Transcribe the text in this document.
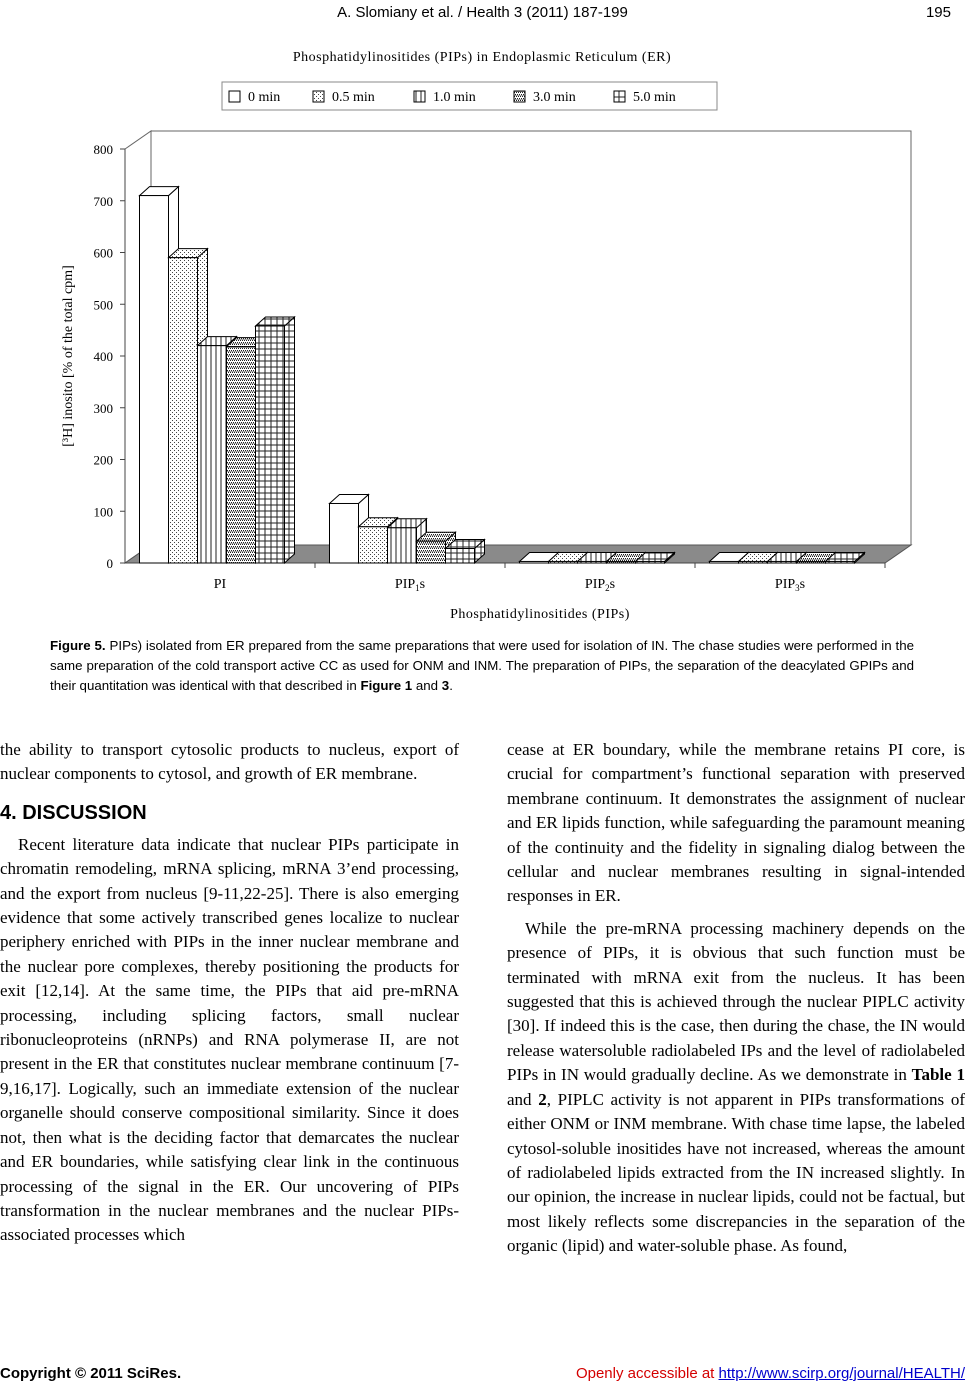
A. Slomiany et al. / Health 3 (2011) 187-199	195
Phosphatidylinositides (PIPs) in Endoplasmic Reticulum (ER)
0 min	0.5 min	1.0 min	3.0 min	5.0 min
0
100
200
300
400
500
600
700
800
[³H] inosito [% of the total cpm]
PI	$PIP_1s$	$PIP_2s$	$PIP_3s$
Phosphatidylinositides (PIPs)
Figure 5. PIPs) isolated from ER prepared from the same preparations that were used for isolation of IN. The chase studies were performed in the same preparation of the cold transport active CC as used for ONM and INM. The preparation of PIPs, the separation of the deacylated GPIPs and their quantitation was identical with that described in Figure 1 and 3.

the ability to transport cytosolic products to nucleus, export of nuclear components to cytosol, and growth of ER membrane.

4. DISCUSSION

Recent literature data indicate that nuclear PIPs participate in chromatin remodeling, mRNA splicing, mRNA 3’end processing, and the export from nucleus [9-11,22-25]. There is also emerging evidence that some actively transcribed genes localize to nuclear periphery enriched with PIPs in the inner nuclear membrane and the nuclear pore complexes, thereby positioning the products for exit [12,14]. At the same time, the PIPs that aid pre-mRNA processing, including splicing factors, small nuclear ribonucleoproteins (nRNPs) and RNA polymerase II, are not present in the ER that constitutes nuclear membrane continuum [7-9,16,17]. Logically, such an immediate extension of the nuclear organelle should conserve compositional similarity. Since it does not, then what is the deciding factor that demarcates the nuclear and ER boundaries, while satisfying clear link in the continuous processing of the signal in the ER. Our uncovering of PIPs transformation in the nuclear membranes and the nuclear PIPs-associated processes which

cease at ER boundary, while the membrane retains PI core, is crucial for compartment’s functional separation with preserved membrane continuum. It demonstrates the assignment of nuclear and ER lipids function, while safeguarding the paramount meaning of the continuity and the fidelity in signaling dialog between the cellular and nuclear membranes resulting in signal-intended responses in ER.

While the pre-mRNA processing machinery depends on the presence of PIPs, it is obvious that such function must be terminated with mRNA exit from the nucleus. It has been suggested that this is achieved through the nuclear PIPLC activity [30]. If indeed this is the case, then during the chase, the IN would release watersoluble radiolabeled IPs and the level of radiolabeled PIPs in IN would gradually decline. As we demonstrate in Table 1 and 2, PIPLC activity is not apparent in PIPs transformations of either ONM or INM membrane. With chase time lapse, the labeled cytosol-soluble inositides have not increased, whereas the amount of radiolabeled lipids extracted from the IN increased slightly. In our opinion, the increase in nuclear lipids, could not be factual, but most likely reflects some discrepancies in the separation of the organic (lipid) and water-soluble phase. As found,

Copyright © 2011 SciRes.	Openly accessible at http://www.scirp.org/journal/HEALTH/
